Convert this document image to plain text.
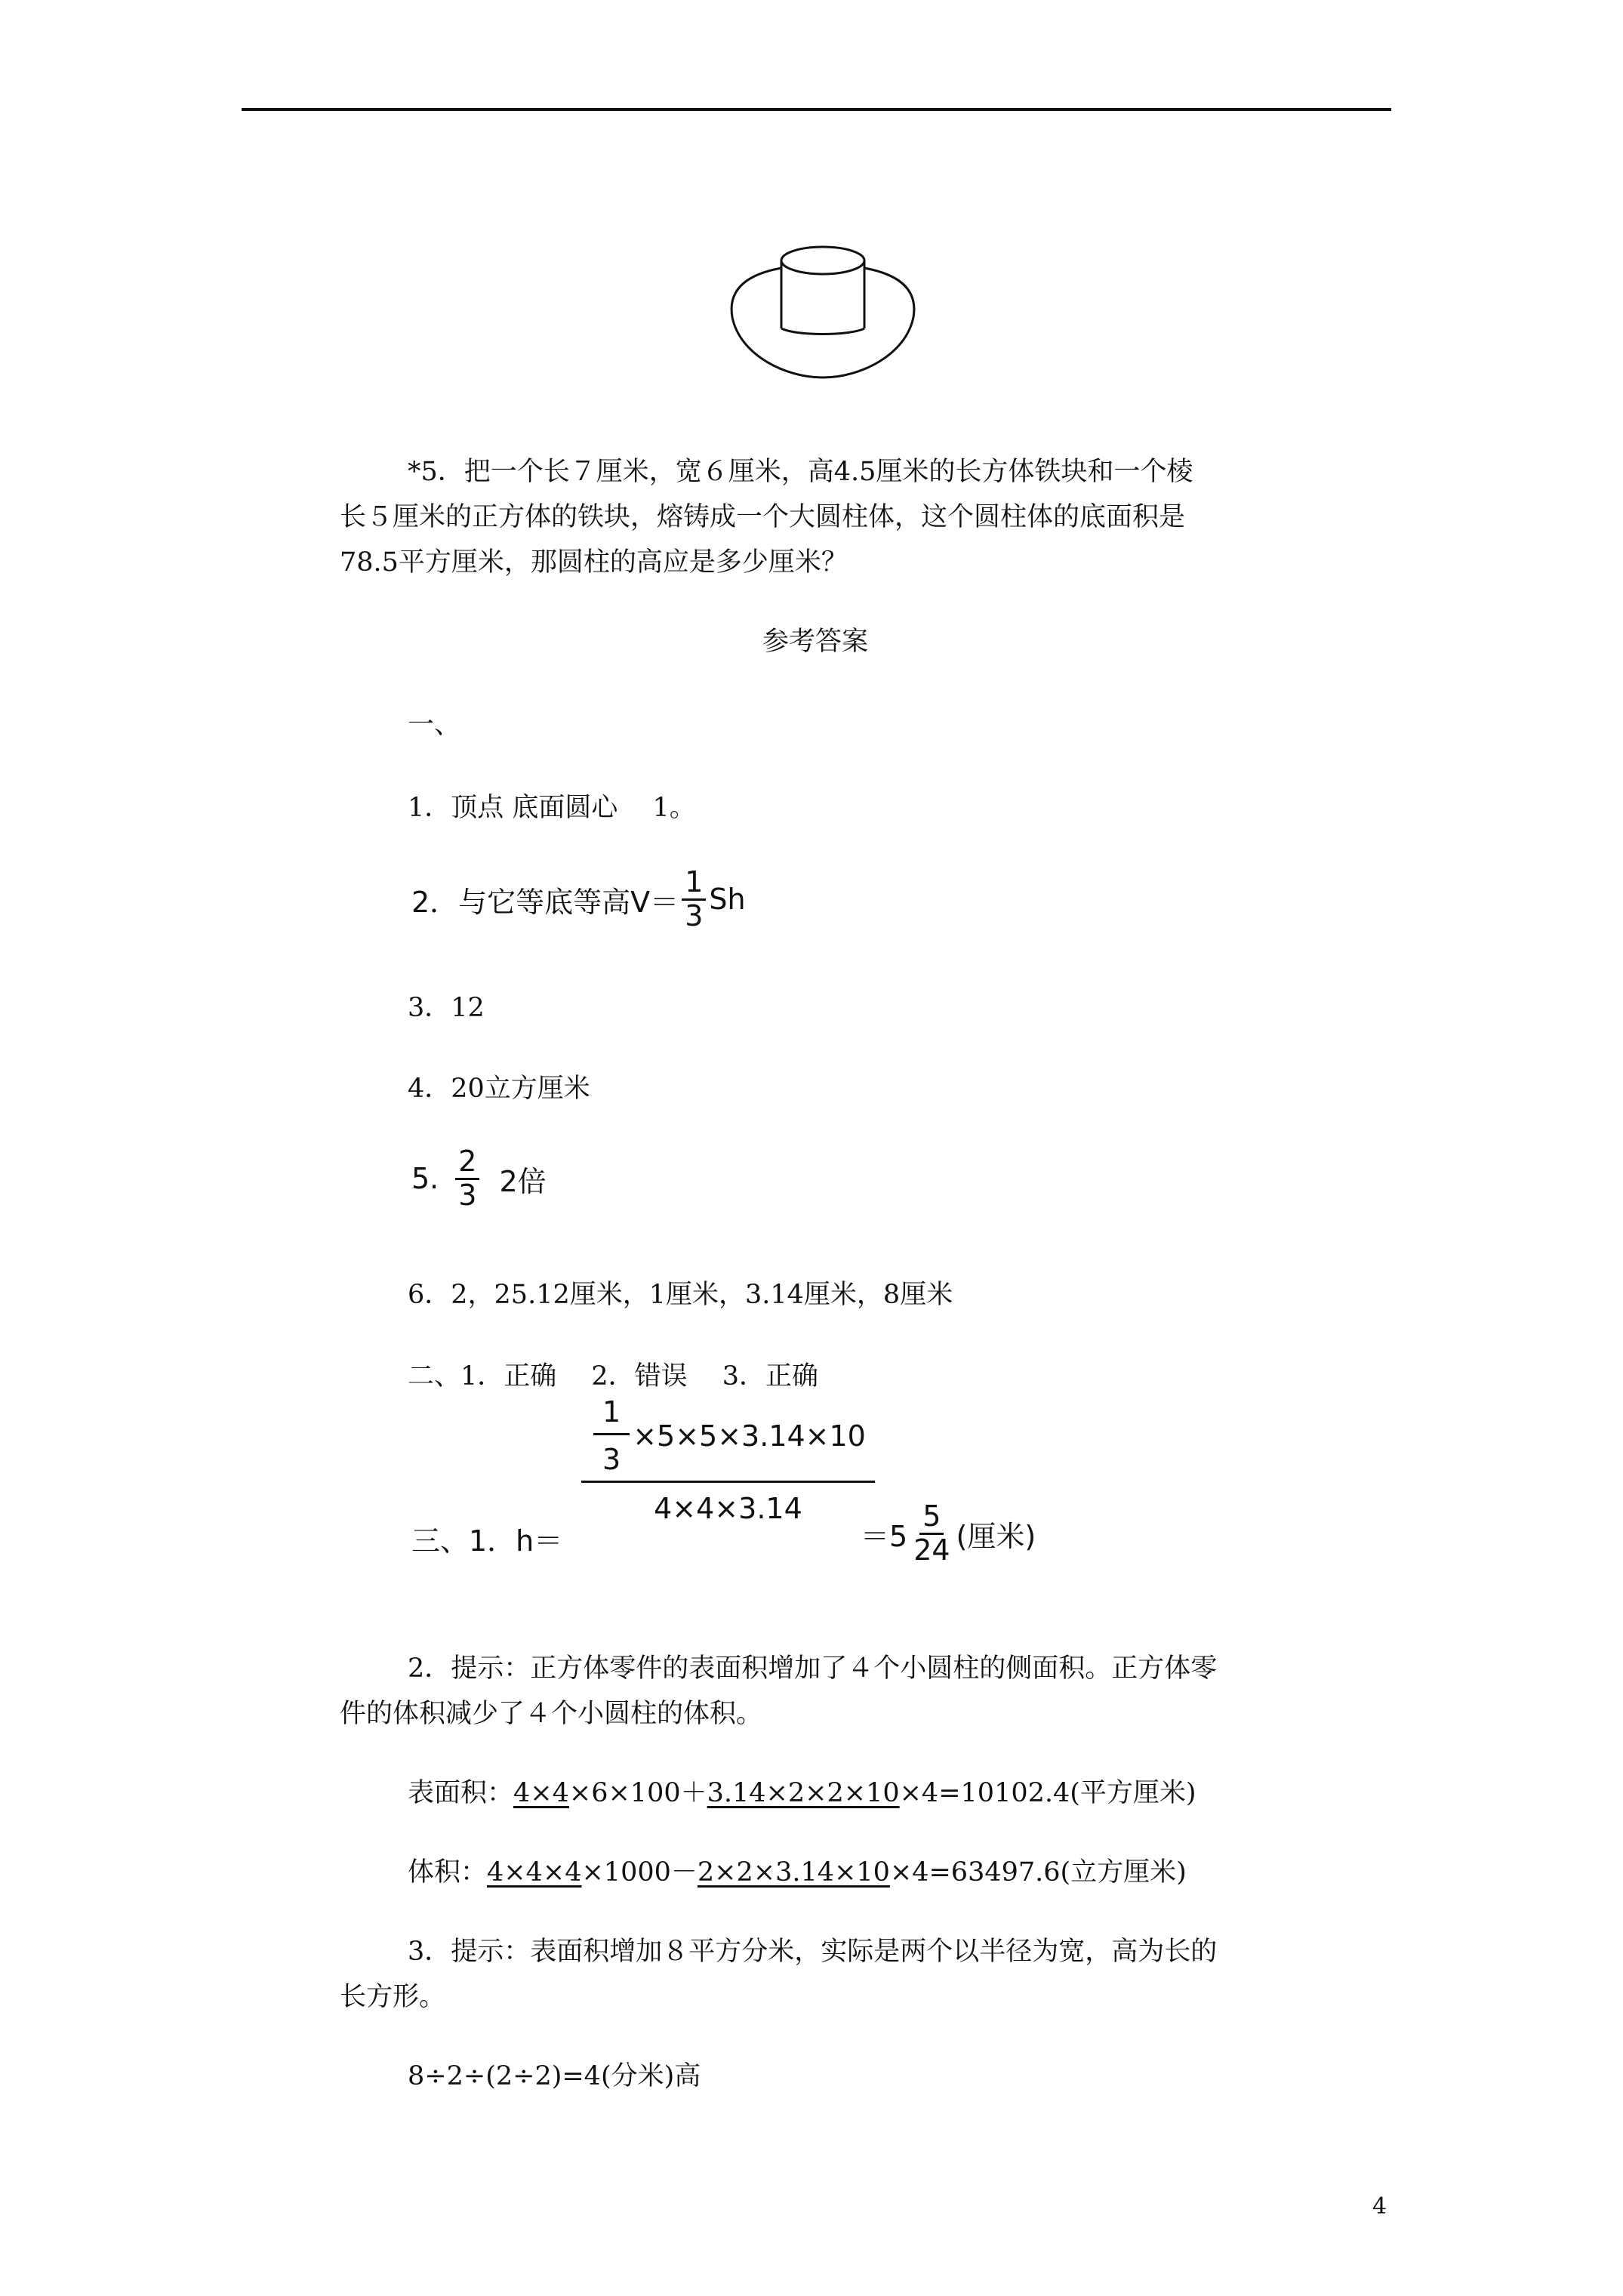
*5．把一个长７厘米，宽６厘米，高4.5厘米的长方体铁块和一个棱
长５厘米的正方体的铁块，熔铸成一个大圆柱体，这个圆柱体的底面积是
78.5平方厘米，那圆柱的高应是多少厘米？
参考答案
一、
1．顶点 底面圆心　 1。
2．与它等底等高$V= \frac{1}{3}$ Sh
3．12
4．20立方厘米
5. $\frac{2}{3} 2$倍
6．2，25.12厘米，1厘米，3.14厘米，8厘米
二、1．正确　 2．错误　 3．正确
三、1．h＝
$\frac{\frac{1}{3} \times 5\times 5\times 3.14\times 10}{4\times 4\times 3.14}$
$=5 \frac{5}{24}$ (厘米)
2．提示：正方体零件的表面积增加了４个小圆柱的侧面积。正方体零
件的体积减少了４个小圆柱的体积。
表面积：4×4×6×100＋3.14×2×2×10×4=10102.4(平方厘米)
体积：4×4×4×1000－2×2×3.14×10×4=63497.6(立方厘米)
3．提示：表面积增加８平方分米，实际是两个以半径为宽，高为长的
长方形。
8÷2÷(2÷2)=4(分米)高
4
